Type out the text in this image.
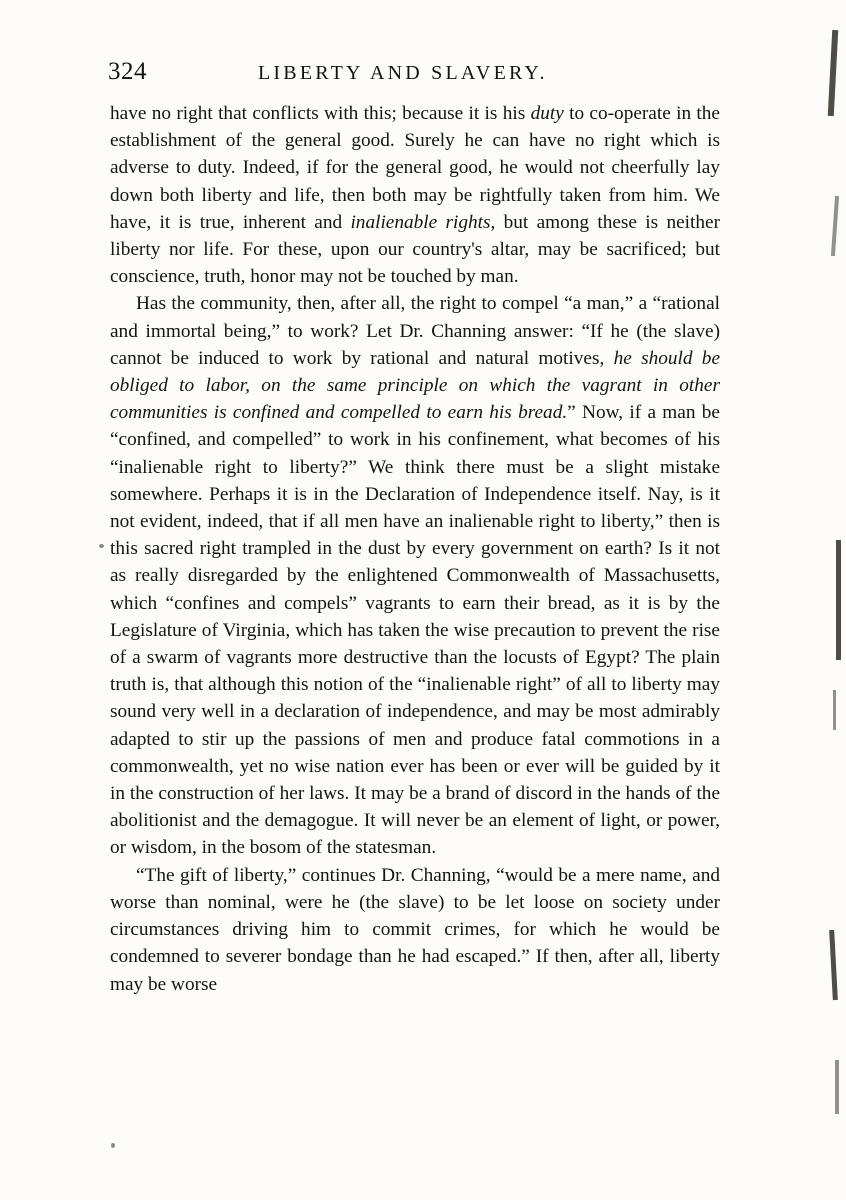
324	LIBERTY AND SLAVERY.

have no right that conflicts with this; because it is his duty to co-operate in the establishment of the general good. Surely he can have no right which is adverse to duty. Indeed, if for the general good, he would not cheerfully lay down both liberty and life, then both may be rightfully taken from him. We have, it is true, inherent and inalienable rights, but among these is neither liberty nor life. For these, upon our country's altar, may be sacrificed; but conscience, truth, honor may not be touched by man.

Has the community, then, after all, the right to compel “a man,” a “rational and immortal being,” to work? Let Dr. Channing answer: “If he (the slave) cannot be induced to work by rational and natural motives, he should be obliged to labor, on the same principle on which the vagrant in other communities is confined and compelled to earn his bread.” Now, if a man be “confined, and compelled” to work in his confinement, what becomes of his “inalienable right to liberty?” We think there must be a slight mistake somewhere. Perhaps it is in the Declaration of Independence itself. Nay, is it not evident, indeed, that if all men have an inalienable right to liberty,” then is this sacred right trampled in the dust by every government on earth? Is it not as really disregarded by the enlightened Commonwealth of Massachusetts, which “confines and compels” vagrants to earn their bread, as it is by the Legislature of Virginia, which has taken the wise precaution to prevent the rise of a swarm of vagrants more destructive than the locusts of Egypt? The plain truth is, that although this notion of the “inalienable right” of all to liberty may sound very well in a declaration of independence, and may be most admirably adapted to stir up the passions of men and produce fatal commotions in a commonwealth, yet no wise nation ever has been or ever will be guided by it in the construction of her laws. It may be a brand of discord in the hands of the abolitionist and the demagogue. It will never be an element of light, or power, or wisdom, in the bosom of the statesman.

“The gift of liberty,” continues Dr. Channing, “would be a mere name, and worse than nominal, were he (the slave) to be let loose on society under circumstances driving him to commit crimes, for which he would be condemned to severer bondage than he had escaped.” If then, after all, liberty may be worse
